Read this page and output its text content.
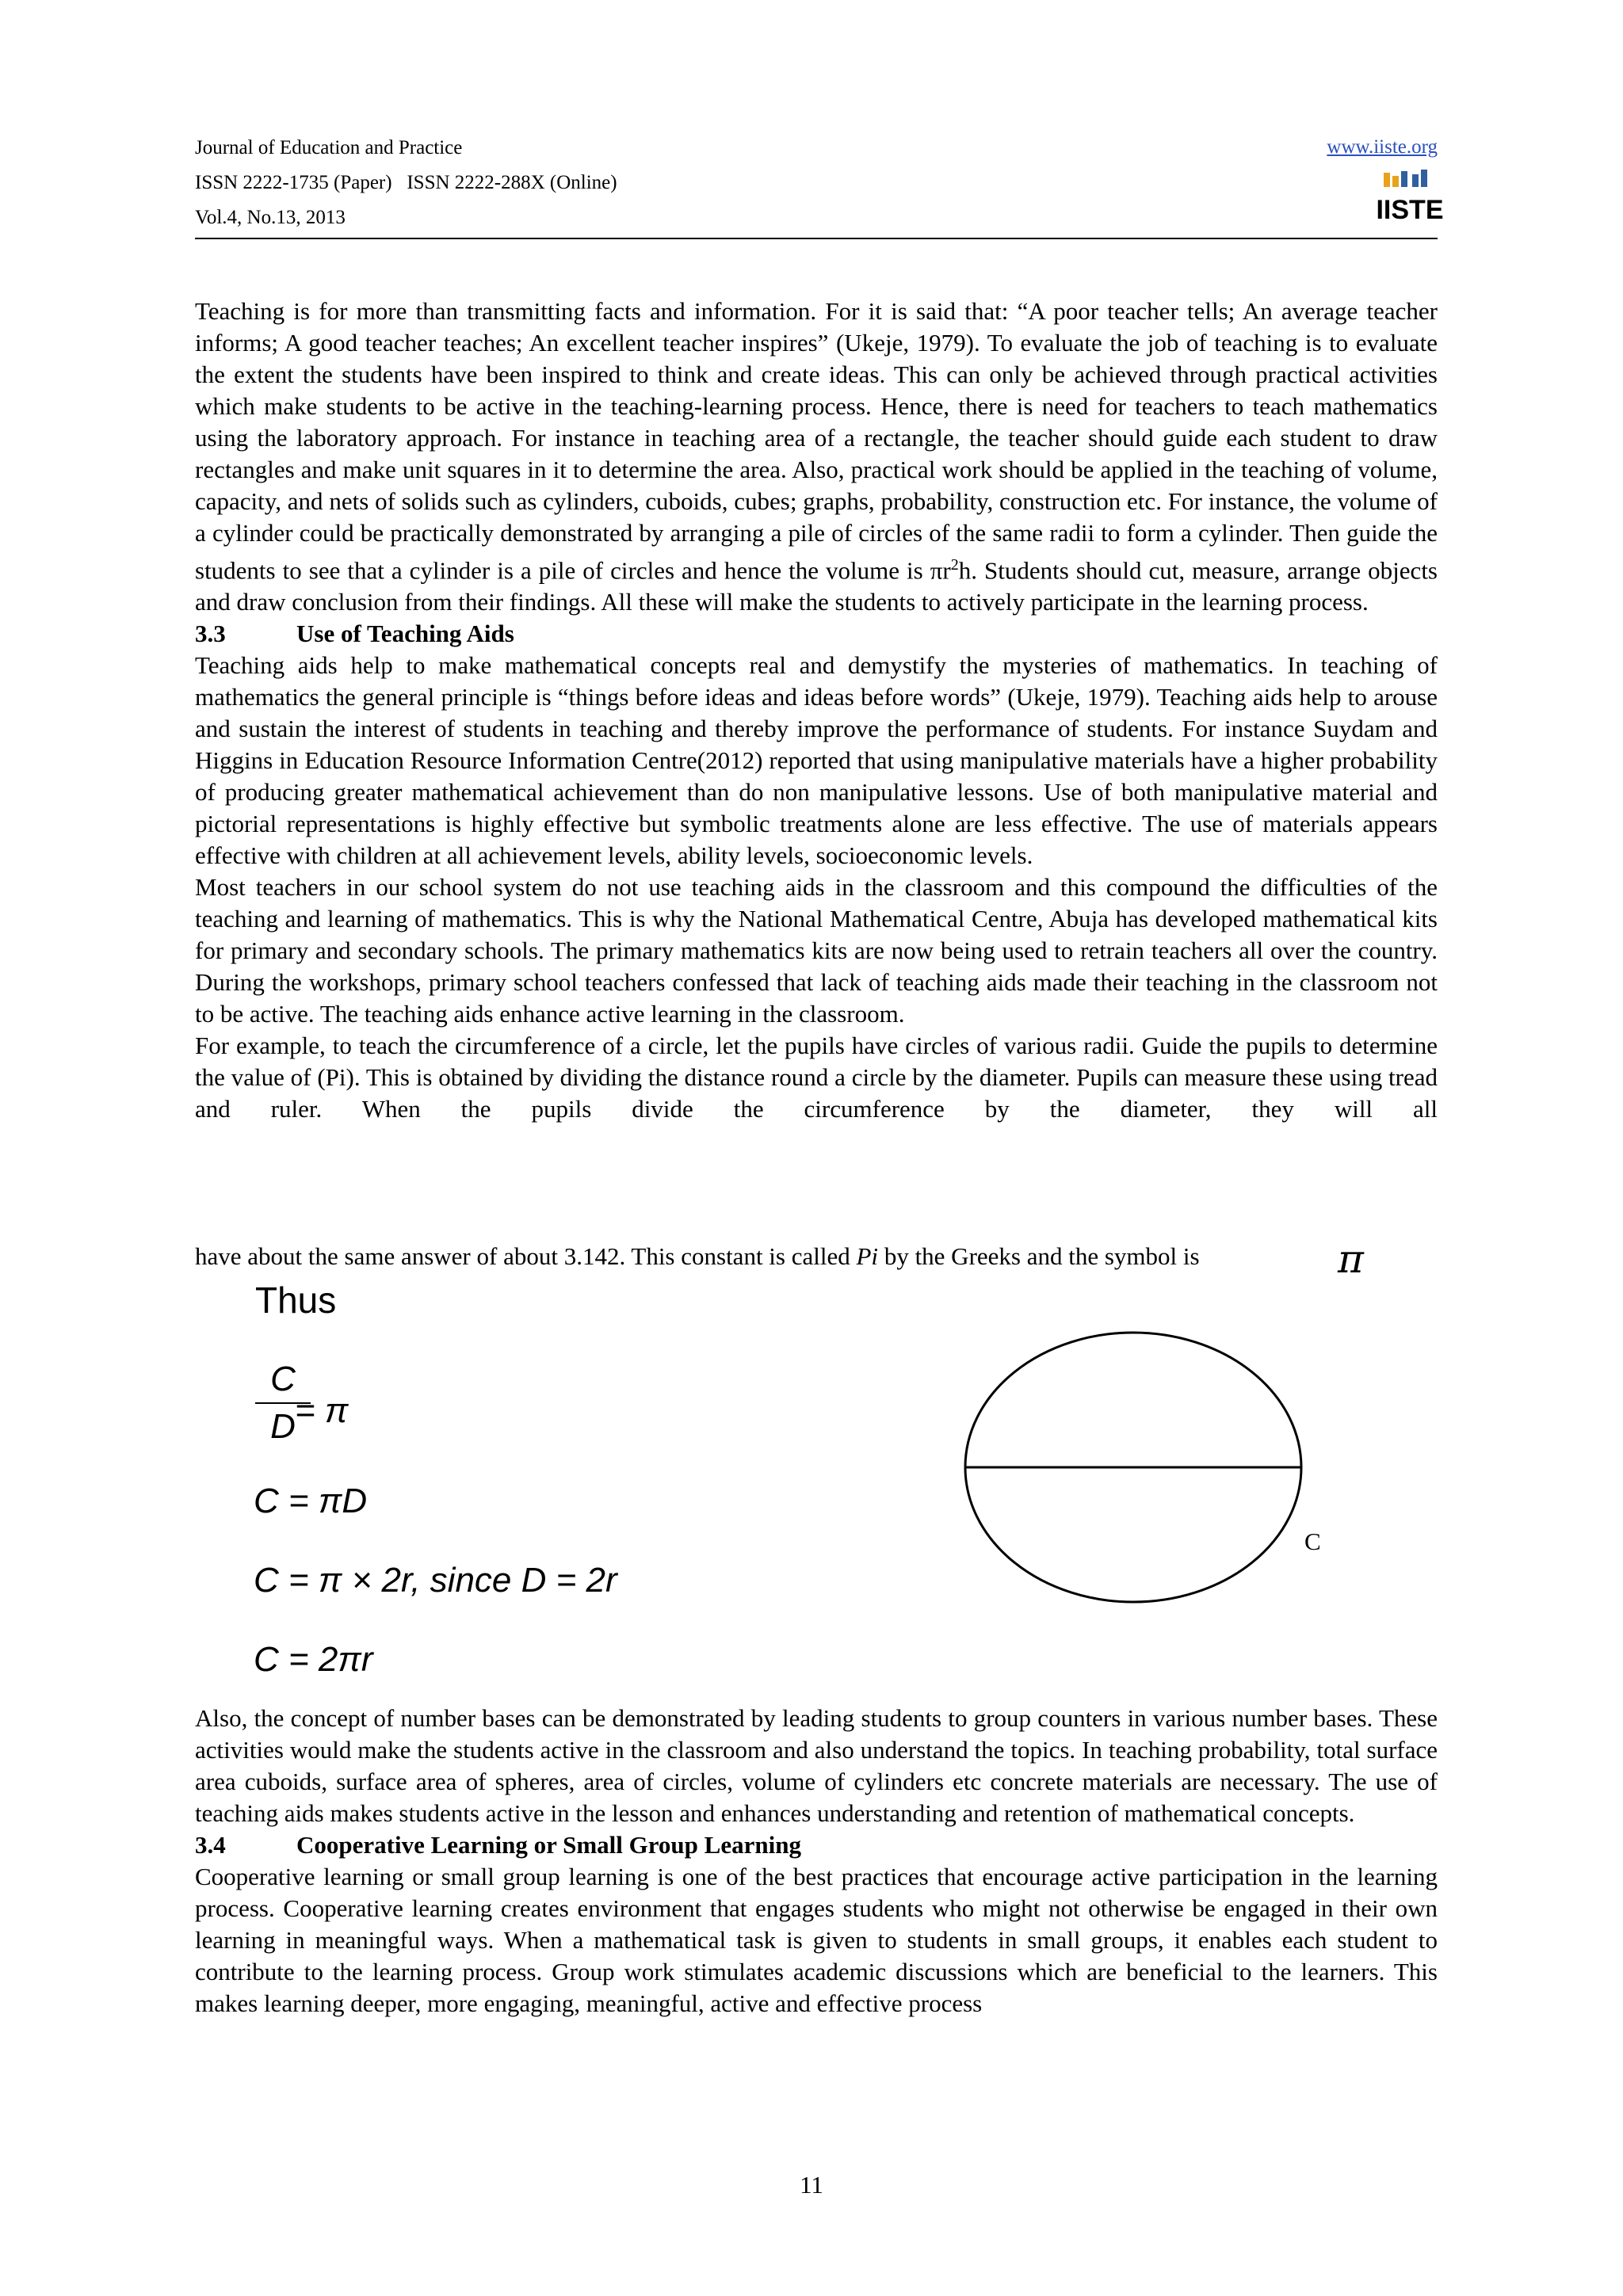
Journal of Education and Practice
ISSN 2222-1735 (Paper)   ISSN 2222-288X (Online)
Vol.4, No.13, 2013
www.iiste.org
IISTE
Teaching is for more than transmitting facts and information. For it is said that: “A poor teacher tells; An average teacher informs; A good teacher teaches; An excellent teacher inspires” (Ukeje, 1979). To evaluate the job of teaching is to evaluate the extent the students have been inspired to think and create ideas. This can only be achieved through practical activities which make students to be active in the teaching-learning process. Hence, there is need for teachers to teach mathematics using the laboratory approach. For instance in teaching area of a rectangle, the teacher should guide each student to draw rectangles and make unit squares in it to determine the area. Also, practical work should be applied in the teaching of volume, capacity, and nets of solids such as cylinders, cuboids, cubes; graphs, probability, construction etc. For instance, the volume of a cylinder could be practically demonstrated by arranging a pile of circles of the same radii to form a cylinder. Then guide the students to see that a cylinder is a pile of circles and hence the volume is $\pi r^2h$. Students should cut, measure, arrange objects and draw conclusion from their findings. All these will make the students to actively participate in the learning process.
3.3	Use of Teaching Aids
Teaching aids help to make mathematical concepts real and demystify the mysteries of mathematics. In teaching of mathematics the general principle is “things before ideas and ideas before words” (Ukeje, 1979). Teaching aids help to arouse and sustain the interest of students in teaching and thereby improve the performance of students. For instance Suydam and Higgins in Education Resource Information Centre(2012) reported that using manipulative materials have a higher probability of producing greater mathematical achievement than do non manipulative lessons. Use of both manipulative material and pictorial representations is highly effective but symbolic treatments alone are less effective. The use of materials appears effective with children at all achievement levels, ability levels, socioeconomic levels.
Most teachers in our school system do not use teaching aids in the classroom and this compound the difficulties of the teaching and learning of mathematics. This is why the National Mathematical Centre, Abuja has developed mathematical kits for primary and secondary schools. The primary mathematics kits are now being used to retrain teachers all over the country. During the workshops, primary school teachers confessed that lack of teaching aids made their teaching in the classroom not to be active. The teaching aids enhance active learning in the classroom.
For example, to teach the circumference of a circle, let the pupils have circles of various radii. Guide the pupils to determine the value of (Pi). This is obtained by dividing the distance round a circle by the diameter. Pupils can measure these using tread and ruler. When the pupils divide the circumference by the diameter, they will all
have about the same answer of about 3.142. This constant is called Pi by the Greeks and the symbol is	π
Thus
C
D = π
C = πD
C = π × 2r, since D = 2r
C = 2πr
C
Also, the concept of number bases can be demonstrated by leading students to group counters in various number bases. These activities would make the students active in the classroom and also understand the topics. In teaching probability, total surface area cuboids, surface area of spheres, area of circles, volume of cylinders etc concrete materials are necessary. The use of teaching aids makes students active in the lesson and enhances understanding and retention of mathematical concepts.
3.4	Cooperative Learning or Small Group Learning
Cooperative learning or small group learning is one of the best practices that encourage active participation in the learning process. Cooperative learning creates environment that engages students who might not otherwise be engaged in their own learning in meaningful ways. When a mathematical task is given to students in small groups, it enables each student to contribute to the learning process. Group work stimulates academic discussions which are beneficial to the learners. This makes learning deeper, more engaging, meaningful, active and effective process
11
